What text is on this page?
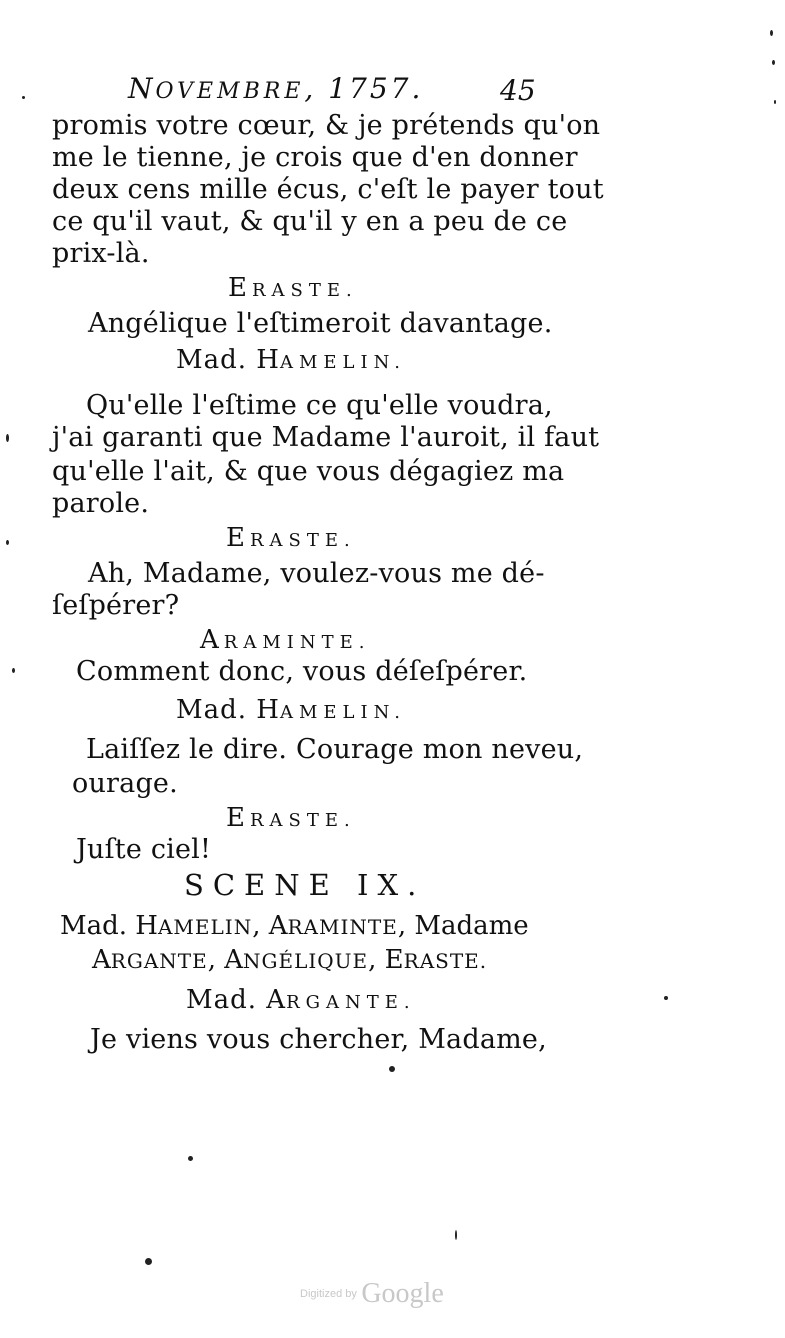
NOVEMBRE, 1757.	45
promis votre cœur, & je prétends qu'on
me le tienne, je crois que d'en donner
deux cens mille écus, c'eſt le payer tout
ce qu'il vaut, & qu'il y en a peu de ce
prix-là.
ERASTE.
Angélique l'eſtimeroit davantage.
Mad. HAMELIN.
Qu'elle l'eſtime ce qu'elle voudra,
j'ai garanti que Madame l'auroit, il faut
qu'elle l'ait, & que vous dégagiez ma
parole.
ERASTE.
Ah, Madame, voulez-vous me dé-
ſeſpérer?
ARAMINTE.
Comment donc, vous déſeſpérer.
Mad. HAMELIN.
Laiſſez le dire. Courage mon neveu,
ourage.
ERASTE.
Juſte ciel!
SCENE IX.
Mad. HAMELIN, ARAMINTE, Madame
ARGANTE, ANGÉLIQUE, ERASTE.
Mad. ARGANTE.
Je viens vous chercher, Madame,
Digitized by Google
